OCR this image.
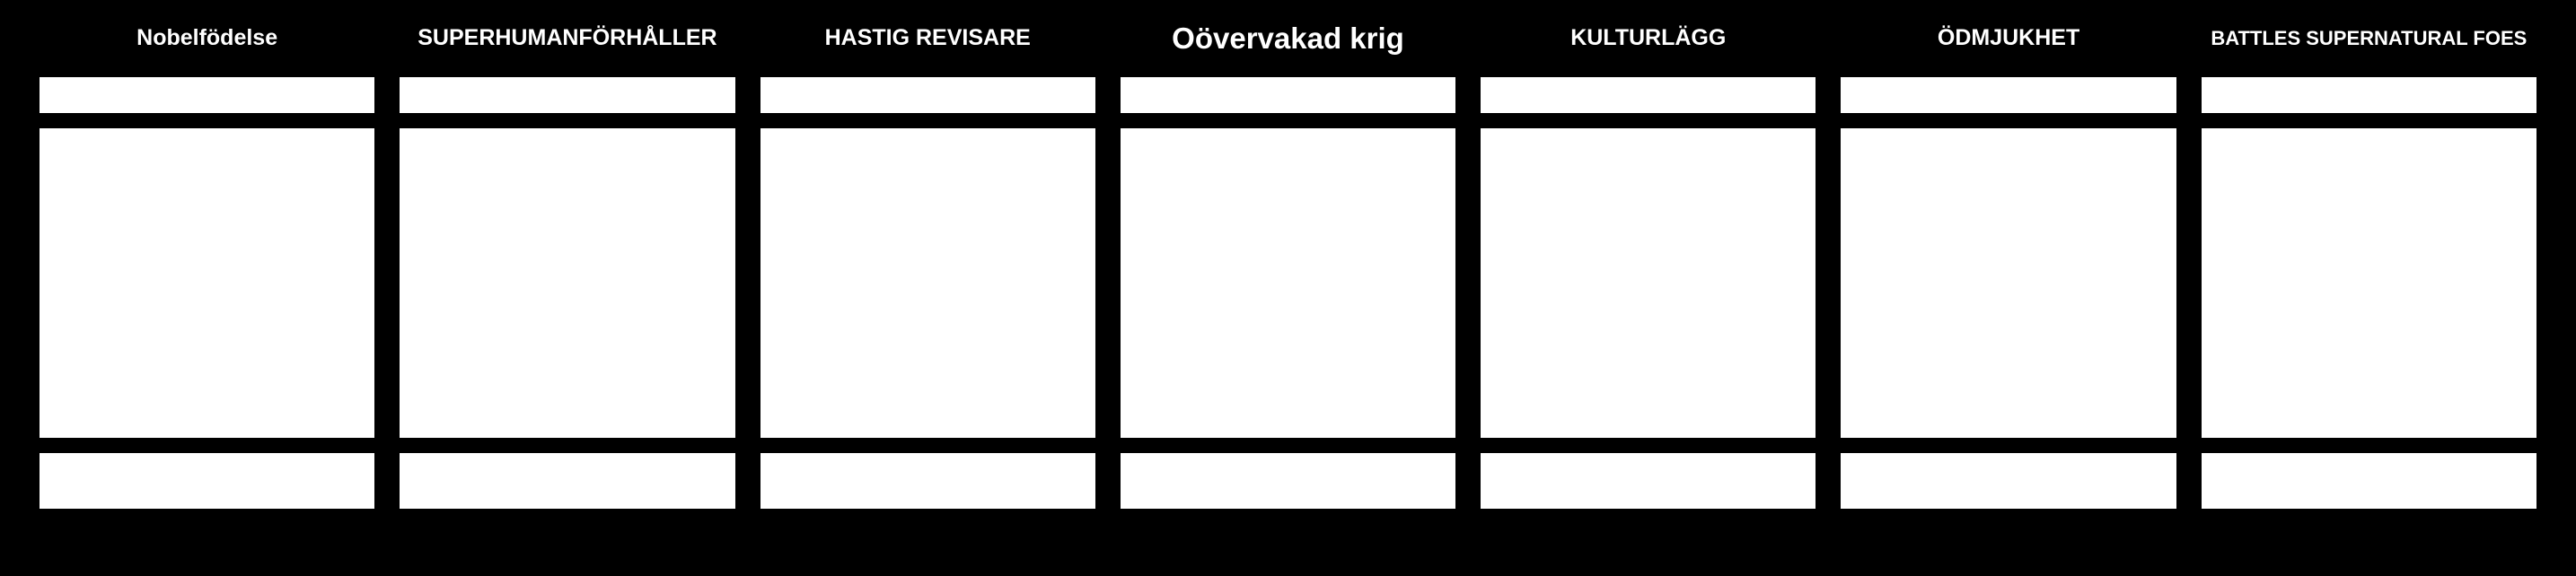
Nobelfödelse	SUPERHUMANFÖRHÅLLER	HASTIG REVISARE	Oövervakad krig	KULTURLÄGG	ÖDMJUKHET	BATTLES SUPERNATURAL FOES
